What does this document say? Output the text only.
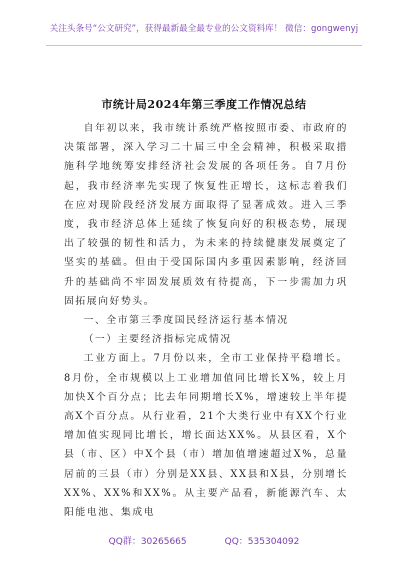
关注头条号“公文研究”，获得最新最全最专业的公文资料库！ 微信：gongwenyj
市统计局2024年第三季度工作情况总结

自年初以来，我市统计系统严格按照市委、市政府的决策部署，深入学习二十届三中全会精神，积极采取措施科学地统筹安排经济社会发展的各项任务。自7月份起，我市经济率先实现了恢复性正增长，这标志着我们在应对现阶段经济发展方面取得了显著成效。进入三季度，我市经济总体上延续了恢复向好的积极态势，展现出了较强的韧性和活力，为未来的持续健康发展奠定了坚实的基础。但由于受国际国内多重因素影响，经济回升的基础尚不牢固发展质效有待提高，下一步需加力巩固拓展向好势头。

一、全市第三季度国民经济运行基本情况

（一）主要经济指标完成情况

工业方面上。7月份以来，全市工业保持平稳增长。8月份，全市规模以上工业增加值同比增长X%，较上月加快X个百分点；比去年同期增长X%，增速较上半年提高X个百分点。从行业看，21个大类行业中有XX个行业增加值实现同比增长，增长面达XX%。从县区看，X个县（市、区）中X个县（市）增加值增速超过X%，总量居前的三县（市）分别是XX县、XX县和X县，分别增长XX%、XX%和XX%。从主要产品看，新能源汽车、太阳能电池、集成电

QQ群：30265665	QQ：535304092
